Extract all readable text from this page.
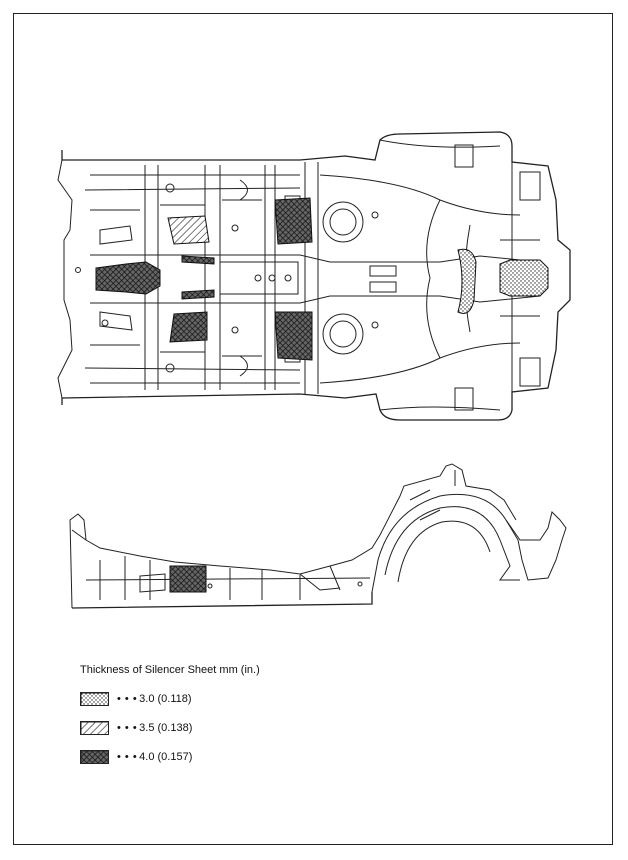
Thickness of Silencer Sheet mm (in.)
• • • 3.0 (0.118)
• • • 3.5 (0.138)
• • • 4.0 (0.157)
